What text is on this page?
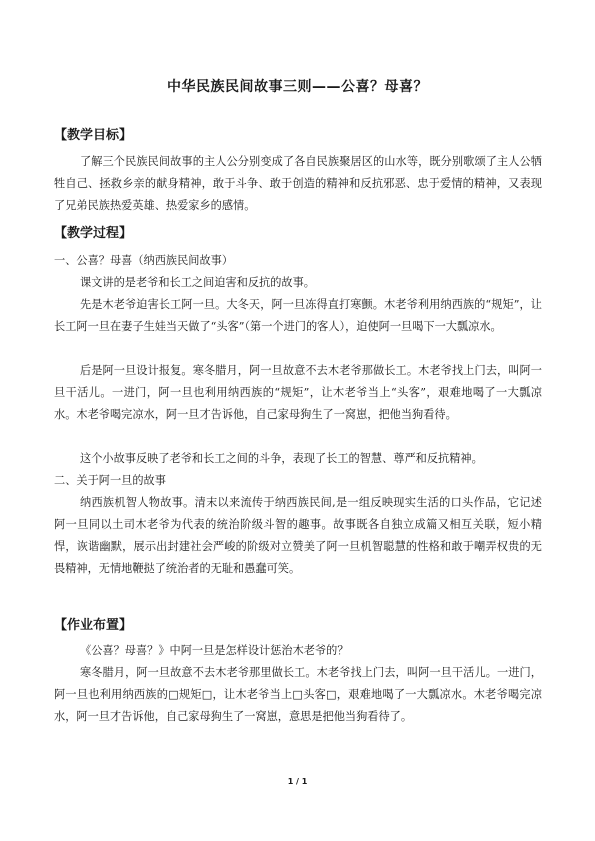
中华民族民间故事三则——公喜？母喜？
【教学目标】

了解三个民族民间故事的主人公分别变成了各自民族聚居区的山水等，既分别歌颂了主人公牺牲自己、拯救乡亲的献身精神，敢于斗争、敢于创造的精神和反抗邪恶、忠于爱情的精神，又表现了兄弟民族热爱英雄、热爱家乡的感情。

【教学过程】

一、公喜？母喜（纳西族民间故事）

课文讲的是老爷和长工之间迫害和反抗的故事。

先是木老爷迫害长工阿一旦。大冬天，阿一旦冻得直打寒颤。木老爷利用纳西族的“规矩”，让长工阿一旦在妻子生娃当天做了“头客”（第一个进门的客人），迫使阿一旦喝下一大瓢凉水。

后是阿一旦设计报复。寒冬腊月，阿一旦故意不去木老爷那做长工。木老爷找上门去，叫阿一旦干活儿。一进门，阿一旦也利用纳西族的“规矩”，让木老爷当上“头客”，艰难地喝了一大瓢凉水。木老爷喝完凉水，阿一旦才告诉他，自己家母狗生了一窝崽，把他当狗看待。

这个小故事反映了老爷和长工之间的斗争，表现了长工的智慧、尊严和反抗精神。

二、关于阿一旦的故事

纳西族机智人物故事。清末以来流传于纳西族民间,是一组反映现实生活的口头作品，它记述阿一旦同以土司木老爷为代表的统治阶级斗智的趣事。故事既各自独立成篇又相互关联，短小精悍，诙谐幽默，展示出封建社会严峻的阶级对立赞美了阿一旦机智聪慧的性格和敢于嘲弄权贵的无畏精神，无情地鞭挞了统治者的无耻和愚蠢可笑。

【作业布置】

《公喜？母喜？》中阿一旦是怎样设计惩治木老爷的？

寒冬腊月，阿一旦故意不去木老爷那里做长工。木老爷找上门去，叫阿一旦干活儿。一进门，阿一旦也利用纳西族的□规矩□，让木老爷当上□头客□，艰难地喝了一大瓢凉水。木老爷喝完凉水，阿一旦才告诉他，自己家母狗生了一窝崽，意思是把他当狗看待了。

1 / 1
